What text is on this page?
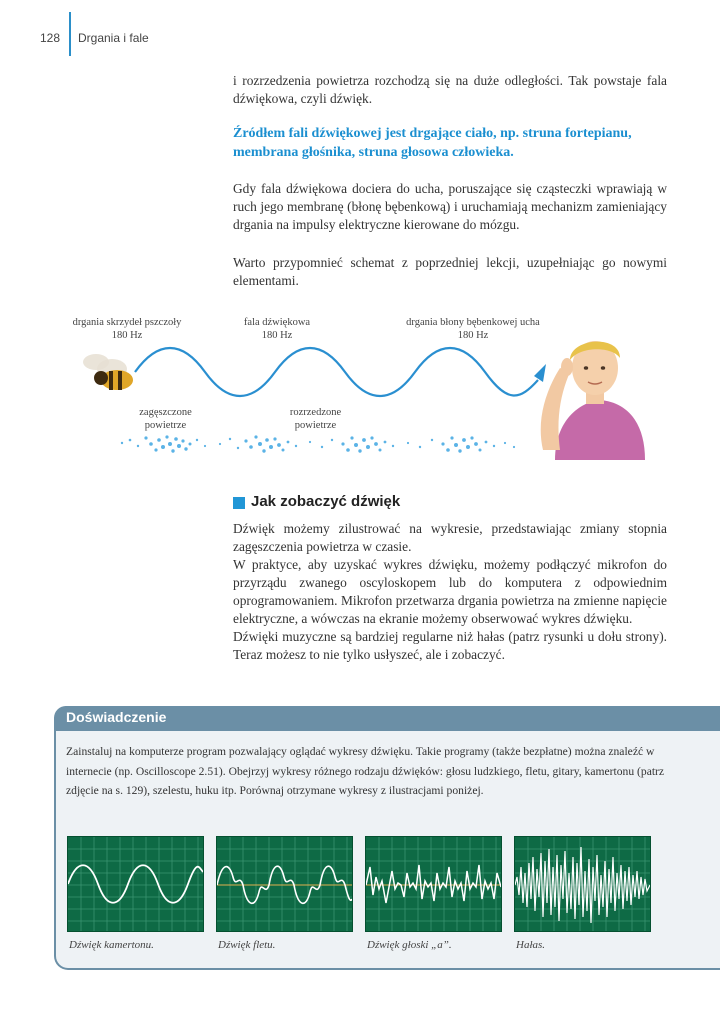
128 Drgania i fale

i rozrzedzenia powietrza rozchodzą się na duże odległości. Tak powstaje fala dźwiękowa, czyli dźwięk.

Źródłem fali dźwiękowej jest drgające ciało, np. struna fortepianu, membrana głośnika, struna głosowa człowieka.

Gdy fala dźwiękowa dociera do ucha, poruszające się cząsteczki wprawiają w ruch jego membranę (błonę bębenkową) i uruchamiają mechanizm zamieniający drgania na impulsy elektryczne kierowane do mózgu.

Warto przypomnieć schemat z poprzedniej lekcji, uzupełniając go nowymi elementami.

drgania skrzydeł pszczoły
180 Hz
fala dźwiękowa
180 Hz
drgania błony bębenkowej ucha
180 Hz
zagęszczone powietrze
rozrzedzone powietrze
Jak zobaczyć dźwięk
Dźwięk możemy zilustrować na wykresie, przedstawiając zmiany stopnia zagęszczenia powietrza w czasie.
W praktyce, aby uzyskać wykres dźwięku, możemy podłączyć mikrofon do przyrządu zwanego oscyloskopem lub do komputera z odpowiednim oprogramowaniem. Mikrofon przetwarza drgania powietrza na zmienne napięcie elektryczne, a wówczas na ekranie możemy obserwować wykres dźwięku.
Dźwięki muzyczne są bardziej regularne niż hałas (patrz rysunki u dołu strony). Teraz możesz to nie tylko usłyszeć, ale i zobaczyć.
Doświadczenie

Zainstaluj na komputerze program pozwalający oglądać wykresy dźwięku. Takie programy (także bezpłatne) można znaleźć w internecie (np. Oscilloscope 2.51). Obejrzyj wykresy różnego rodzaju dźwięków: głosu ludzkiego, fletu, gitary, kamertonu (patrz zdjęcie na s. 129), szelestu, huku itp. Porównaj otrzymane wykresy z ilustracjami poniżej.

Dźwięk kamertonu.	Dźwięk fletu.	Dźwięk głoski „a”.	Hałas.
